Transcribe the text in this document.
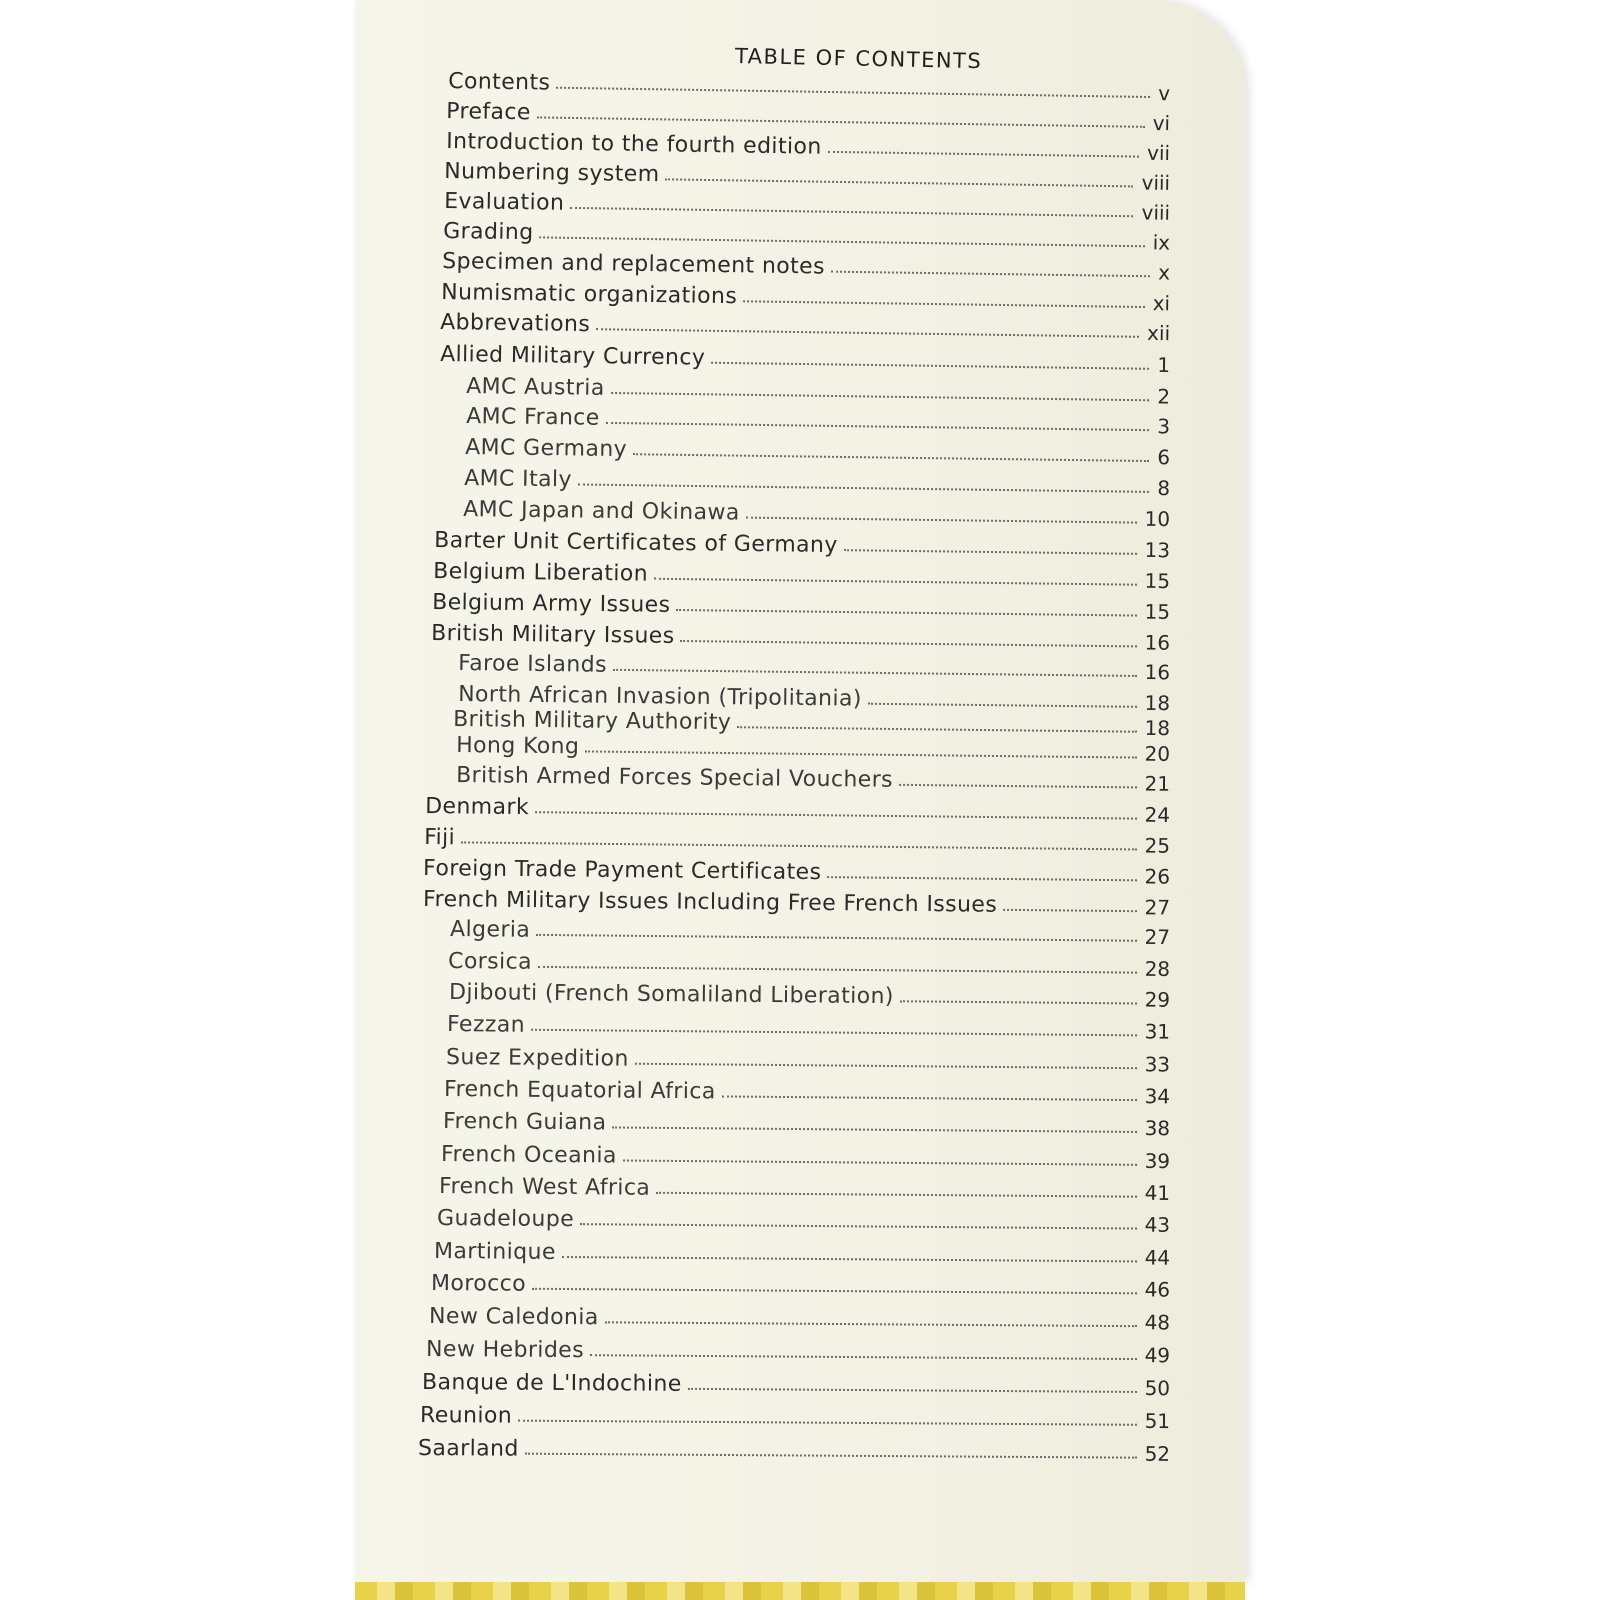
TABLE OF CONTENTS
Contents	v
Preface	vi
Introduction to the fourth edition	vii
Numbering system	viii
Evaluation	viii
Grading	ix
Specimen and replacement notes	x
Numismatic organizations	xi
Abbrevations	xii
Allied Military Currency	1
AMC Austria	2
AMC France	3
AMC Germany	6
AMC Italy	8
AMC Japan and Okinawa	10
Barter Unit Certificates of Germany	13
Belgium Liberation	15
Belgium Army Issues	15
British Military Issues	16
Faroe Islands	16
North African Invasion (Tripolitania)	18
British Military Authority	18
Hong Kong	20
British Armed Forces Special Vouchers	21
Denmark	24
Fiji	25
Foreign Trade Payment Certificates	26
French Military Issues Including Free French Issues	27
Algeria	27
Corsica	28
Djibouti (French Somaliland Liberation)	29
Fezzan	31
Suez Expedition	33
French Equatorial Africa	34
French Guiana	38
French Oceania	39
French West Africa	41
Guadeloupe	43
Martinique	44
Morocco	46
New Caledonia	48
New Hebrides	49
Banque de L'Indochine	50
Reunion	51
Saarland	52
